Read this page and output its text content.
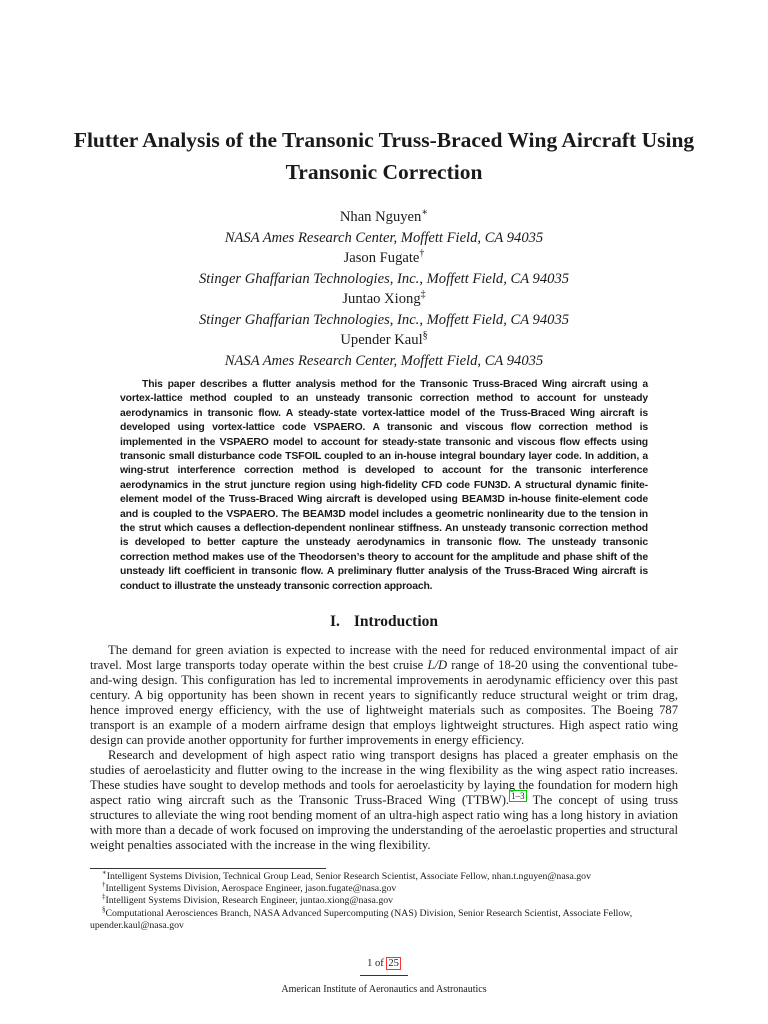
Flutter Analysis of the Transonic Truss-Braced Wing Aircraft Using Transonic Correction
Nhan Nguyen∗
NASA Ames Research Center, Moffett Field, CA 94035
Jason Fugate†
Stinger Ghaffarian Technologies, Inc., Moffett Field, CA 94035
Juntao Xiong‡
Stinger Ghaffarian Technologies, Inc., Moffett Field, CA 94035
Upender Kaul§
NASA Ames Research Center, Moffett Field, CA 94035

This paper describes a flutter analysis method for the Transonic Truss-Braced Wing aircraft using a vortex-lattice method coupled to an unsteady transonic correction method to account for unsteady aerodynamics in transonic flow. A steady-state vortex-lattice model of the Truss-Braced Wing aircraft is developed using vortex-lattice code VSPAERO. A transonic and viscous flow correction method is implemented in the VSPAERO model to account for steady-state transonic and viscous flow effects using transonic small disturbance code TSFOIL coupled to an in-house integral boundary layer code. In addition, a wing-strut interference correction method is developed to account for the transonic interference aerodynamics in the strut juncture region using high-fidelity CFD code FUN3D. A structural dynamic finite-element model of the Truss-Braced Wing aircraft is developed using BEAM3D in-house finite-element code and is coupled to the VSPAERO. The BEAM3D model includes a geometric nonlinearity due to the tension in the strut which causes a deflection-dependent nonlinear stiffness. An unsteady transonic correction method is developed to better capture the unsteady aerodynamics in transonic flow. The unsteady transonic correction method makes use of the Theodorsen’s theory to account for the amplitude and phase shift of the unsteady lift coefficient in transonic flow. A preliminary flutter analysis of the Truss-Braced Wing aircraft is conduct to illustrate the unsteady transonic correction approach.

I. Introduction

The demand for green aviation is expected to increase with the need for reduced environmental impact of air travel. Most large transports today operate within the best cruise L/D range of 18-20 using the conventional tube-and-wing design. This configuration has led to incremental improvements in aerodynamic efficiency over this past century. A big opportunity has been shown in recent years to significantly reduce structural weight or trim drag, hence improved energy efficiency, with the use of lightweight materials such as composites. The Boeing 787 transport is an example of a modern airframe design that employs lightweight structures. High aspect ratio wing design can provide another opportunity for further improvements in energy efficiency.

Research and development of high aspect ratio wing transport designs has placed a greater emphasis on the studies of aeroelasticity and flutter owing to the increase in the wing flexibility as the wing aspect ratio increases. These studies have sought to develop methods and tools for aeroelasticity by laying the foundation for modern high aspect ratio wing aircraft such as the Transonic Truss-Braced Wing (TTBW). $^{1-3}$ The concept of using truss structures to alleviate the wing root bending moment of an ultra-high aspect ratio wing has a long history in aviation with more than a decade of work focused on improving the understanding of the aeroelastic properties and structural weight penalties associated with the increase in the wing flexibility.

∗Intelligent Systems Division, Technical Group Lead, Senior Research Scientist, Associate Fellow, nhan.t.nguyen@nasa.gov
†Intelligent Systems Division, Aerospace Engineer, jason.fugate@nasa.gov
‡Intelligent Systems Division, Research Engineer, juntao.xiong@nasa.gov
§Computational Aerosciences Branch, NASA Advanced Supercomputing (NAS) Division, Senior Research Scientist, Associate Fellow, upender.kaul@nasa.gov
1 of 25
American Institute of Aeronautics and Astronautics
